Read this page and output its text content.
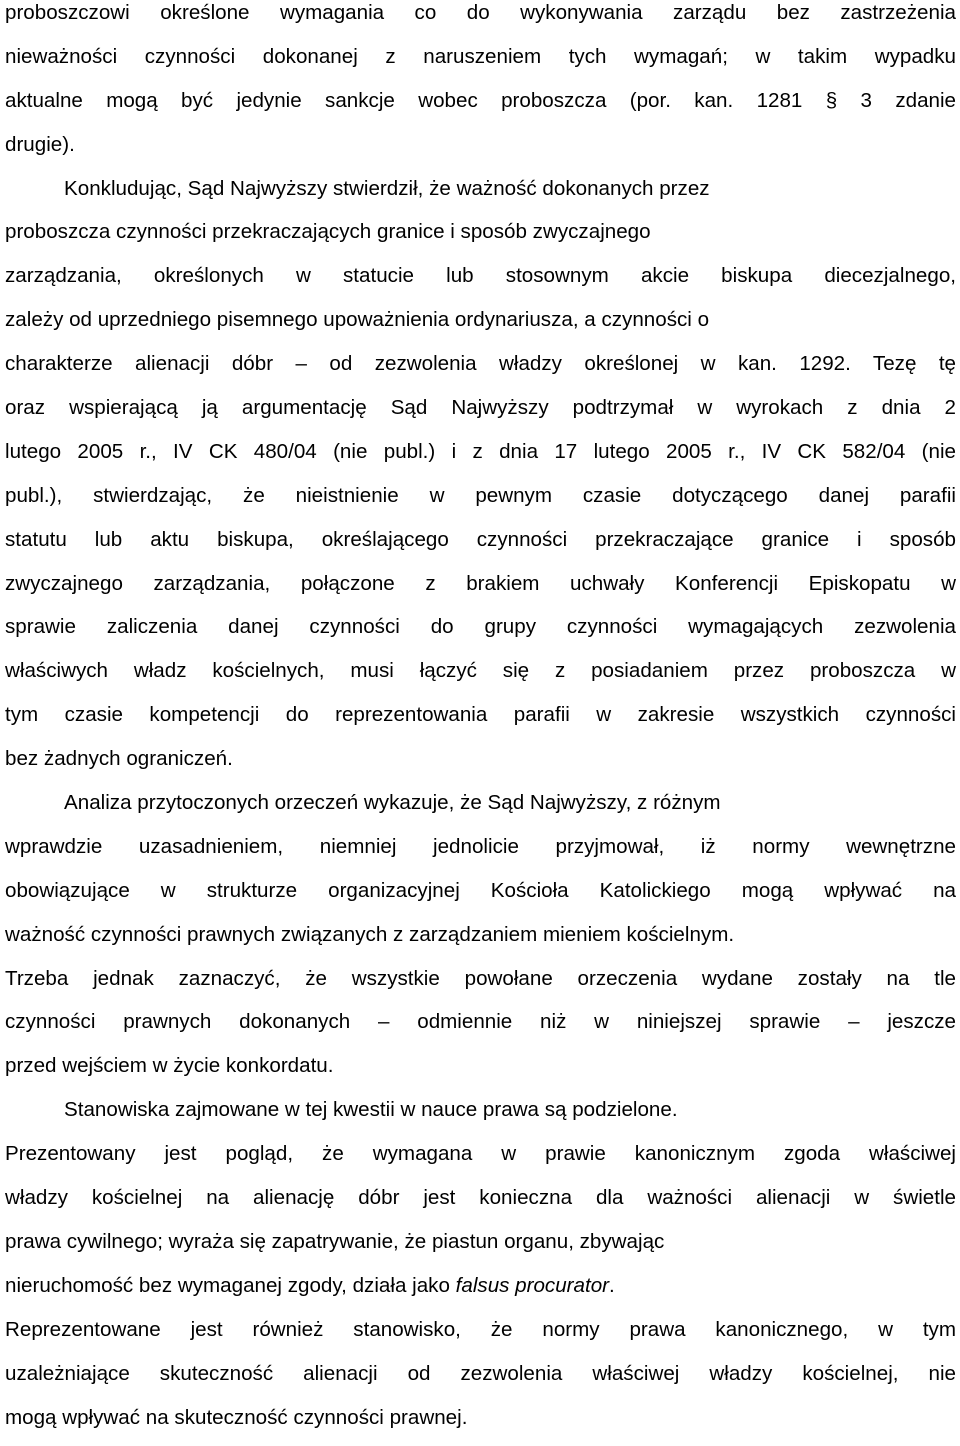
proboszczowi określone wymagania co do wykonywania zarządu bez zastrzeżenia
nieważności czynności dokonanej z naruszeniem tych wymagań; w takim wypadku
aktualne mogą być jedynie sankcje wobec proboszcza (por. kan. 1281 § 3 zdanie
drugie).
Konkludując, Sąd Najwyższy stwierdził, że ważność dokonanych przez
proboszcza czynności przekraczających granice i sposób zwyczajnego
zarządzania, określonych w statucie lub stosownym akcie biskupa diecezjalnego,
zależy od uprzedniego pisemnego upoważnienia ordynariusza, a czynności o
charakterze alienacji dóbr – od zezwolenia władzy określonej w kan. 1292. Tezę tę
oraz wspierającą ją argumentację Sąd Najwyższy podtrzymał w wyrokach z dnia 2
lutego 2005 r., IV CK 480/04 (nie publ.) i z dnia 17 lutego 2005 r., IV CK 582/04 (nie
publ.), stwierdzając, że nieistnienie w pewnym czasie dotyczącego danej parafii
statutu lub aktu biskupa, określającego czynności przekraczające granice i sposób
zwyczajnego zarządzania, połączone z brakiem uchwały Konferencji Episkopatu w
sprawie zaliczenia danej czynności do grupy czynności wymagających zezwolenia
właściwych władz kościelnych, musi łączyć się z posiadaniem przez proboszcza w
tym czasie kompetencji do reprezentowania parafii w zakresie wszystkich czynności
bez żadnych ograniczeń.
Analiza przytoczonych orzeczeń wykazuje, że Sąd Najwyższy, z różnym
wprawdzie uzasadnieniem, niemniej jednolicie przyjmował, iż normy wewnętrzne
obowiązujące w strukturze organizacyjnej Kościoła Katolickiego mogą wpływać na
ważność czynności prawnych związanych z zarządzaniem mieniem kościelnym.
Trzeba jednak zaznaczyć, że wszystkie powołane orzeczenia wydane zostały na tle
czynności prawnych dokonanych – odmiennie niż w niniejszej sprawie – jeszcze
przed wejściem w życie konkordatu.
Stanowiska zajmowane w tej kwestii w nauce prawa są podzielone.
Prezentowany jest pogląd, że wymagana w prawie kanonicznym zgoda właściwej
władzy kościelnej na alienację dóbr jest konieczna dla ważności alienacji w świetle
prawa cywilnego; wyraża się zapatrywanie, że piastun organu, zbywając
nieruchomość bez wymaganej zgody, działa jako falsus procurator.
Reprezentowane jest również stanowisko, że normy prawa kanonicznego, w tym
uzależniające skuteczność alienacji od zezwolenia właściwej władzy kościelnej, nie
mogą wpływać na skuteczność czynności prawnej.
